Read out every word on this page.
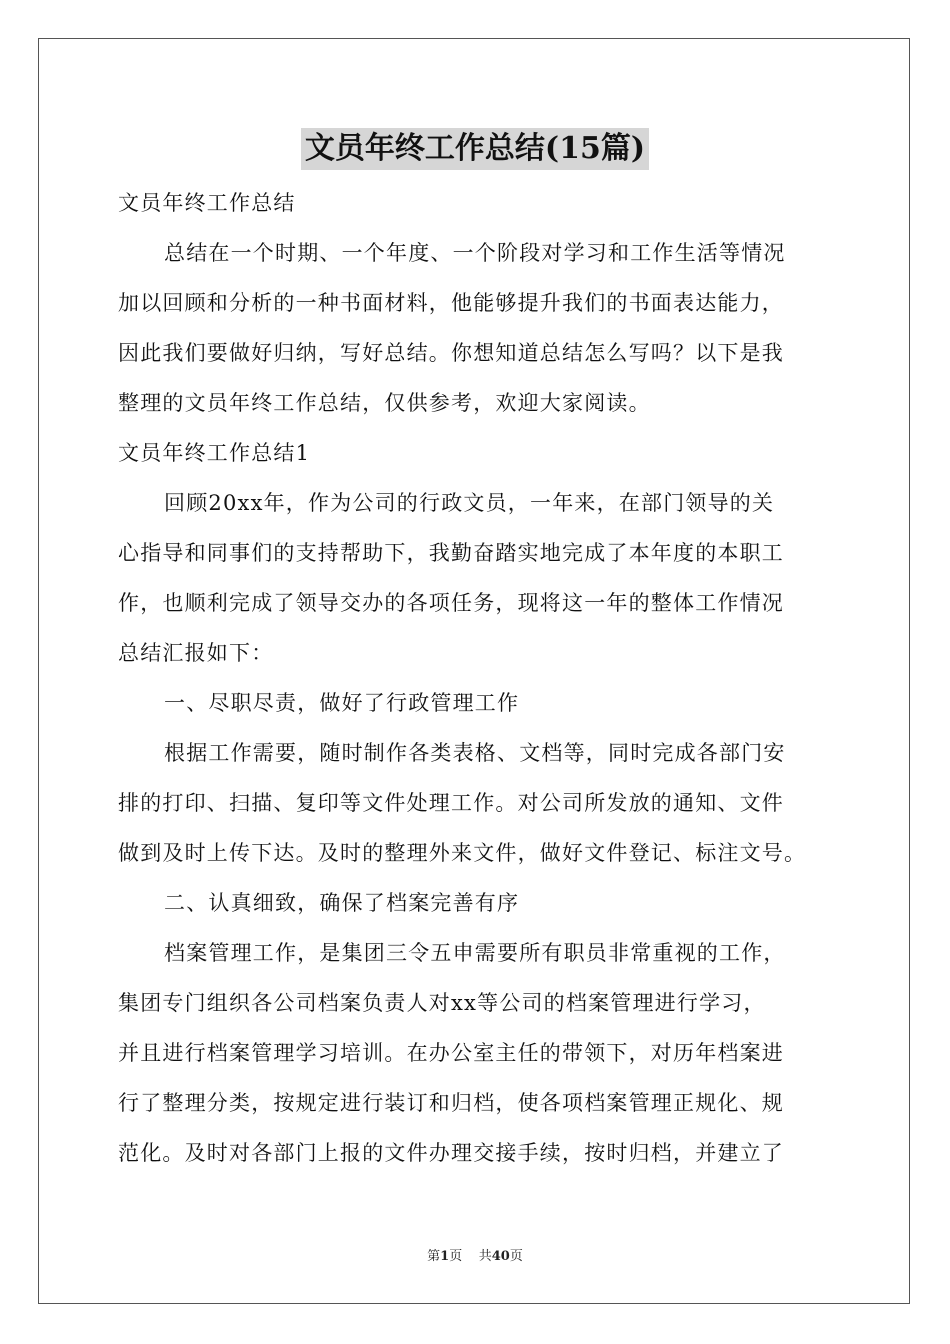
文员年终工作总结(15篇)
文员年终工作总结
总结在一个时期、一个年度、一个阶段对学习和工作生活等情况
加以回顾和分析的一种书面材料，他能够提升我们的书面表达能力，
因此我们要做好归纳，写好总结。你想知道总结怎么写吗？以下是我
整理的文员年终工作总结，仅供参考，欢迎大家阅读。
文员年终工作总结1
回顾20xx年，作为公司的行政文员，一年来，在部门领导的关
心指导和同事们的支持帮助下，我勤奋踏实地完成了本年度的本职工
作，也顺利完成了领导交办的各项任务，现将这一年的整体工作情况
总结汇报如下：
一、尽职尽责，做好了行政管理工作
根据工作需要，随时制作各类表格、文档等，同时完成各部门安
排的打印、扫描、复印等文件处理工作。对公司所发放的通知、文件
做到及时上传下达。及时的整理外来文件，做好文件登记、标注文号。
二、认真细致，确保了档案完善有序
档案管理工作，是集团三令五申需要所有职员非常重视的工作，
集团专门组织各公司档案负责人对xx等公司的档案管理进行学习，
并且进行档案管理学习培训。在办公室主任的带领下，对历年档案进
行了整理分类，按规定进行装订和归档，使各项档案管理正规化、规
范化。及时对各部门上报的文件办理交接手续，按时归档，并建立了
第1页 共40页
